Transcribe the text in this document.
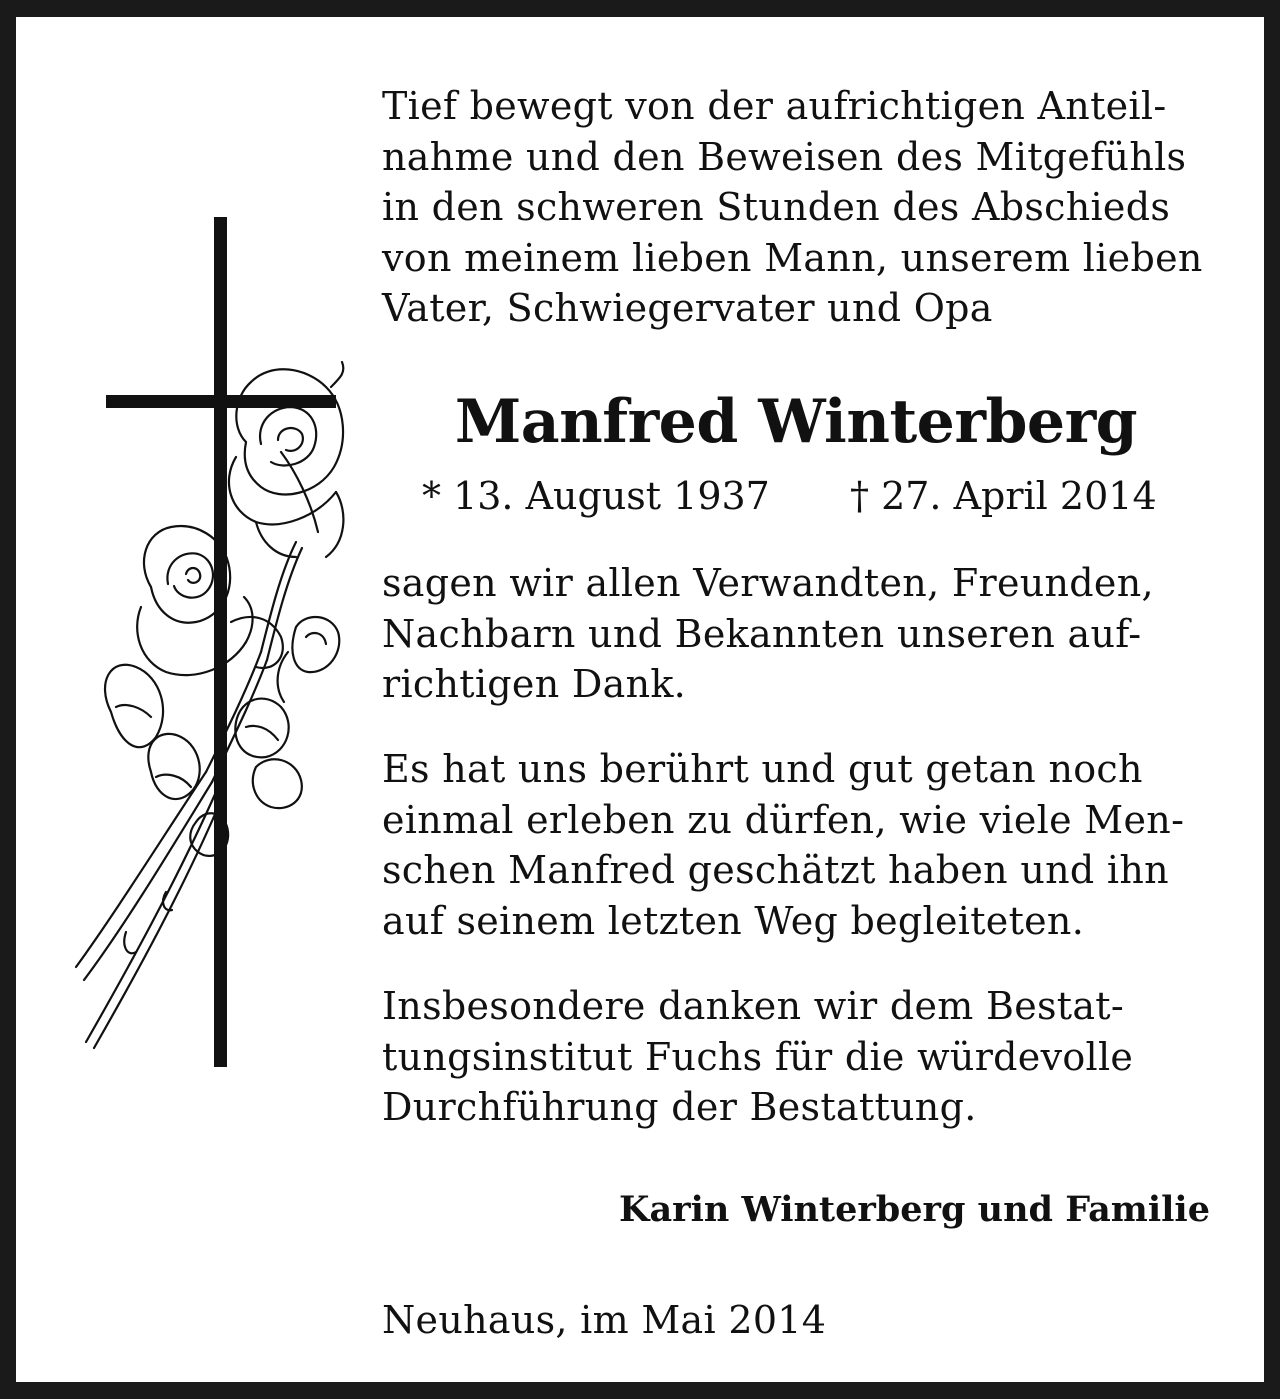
Tief bewegt von der aufrichtigen Anteil-
nahme und den Beweisen des Mitgefühls
in den schweren Stunden des Abschieds
von meinem lieben Mann, unserem lieben
Vater, Schwiegervater und Opa

Manfred Winterberg
* 13. August 1937 † 27. April 2014

sagen wir allen Verwandten, Freunden,
Nachbarn und Bekannten unseren auf-
richtigen Dank.

Es hat uns berührt und gut getan noch
einmal erleben zu dürfen, wie viele Men-
schen Manfred geschätzt haben und ihn
auf seinem letzten Weg begleiteten.

Insbesondere danken wir dem Bestat-
tungsinstitut Fuchs für die würdevolle
Durchführung der Bestattung.

Karin Winterberg und Familie

Neuhaus, im Mai 2014
